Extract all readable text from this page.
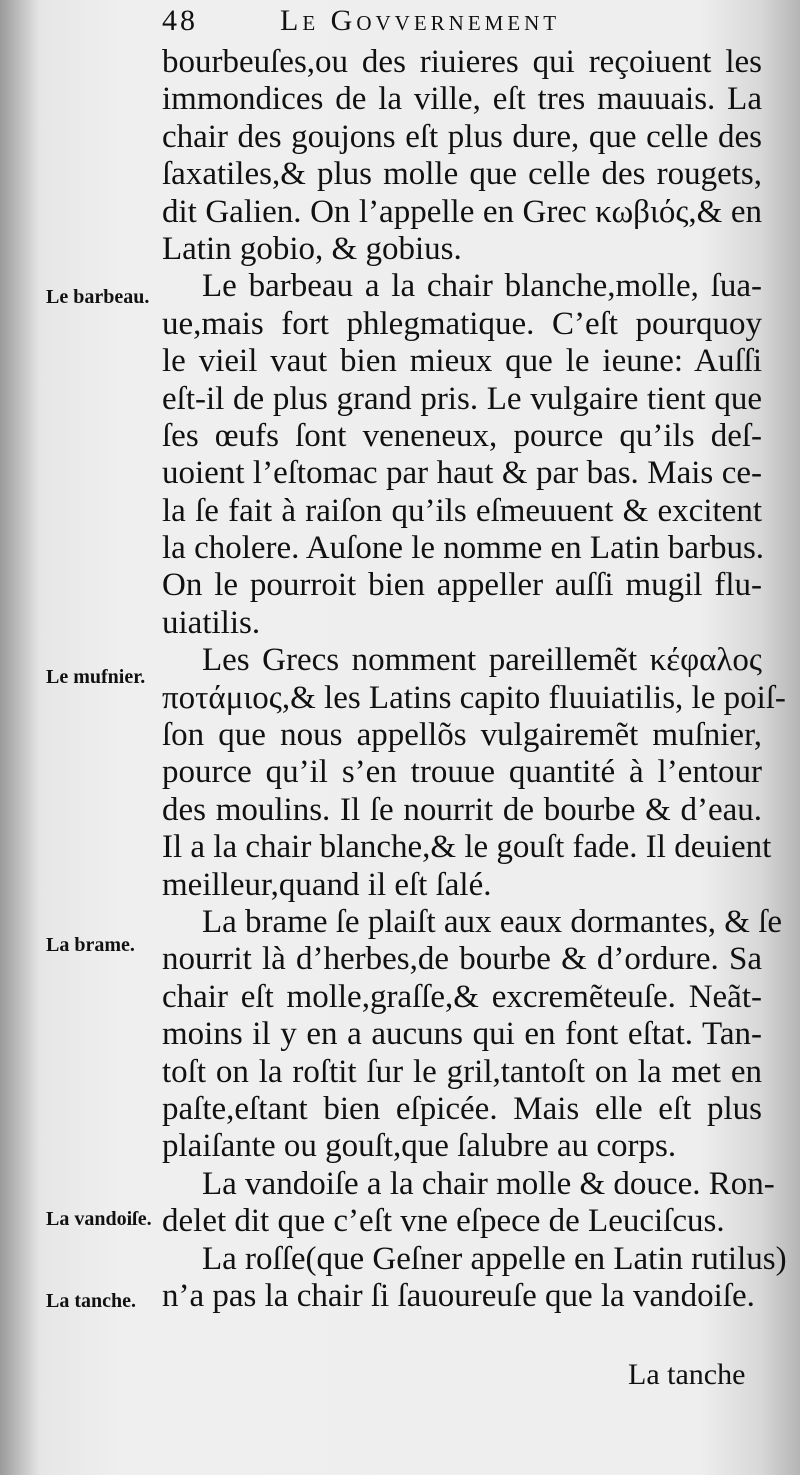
48	Le Govvernement
Le barbeau.
Le mufnier.
La brame.
La vandoiſe.
La tanche.
bourbeuſes,ou des riuieres qui reçoiuent les
immondices de la ville, eſt tres mauuais. La
chair des goujons eſt plus dure, que celle des
ſaxatiles,& plus molle que celle des rougets,
dit Galien. On l’appelle en Grec κωβιός,& en
Latin gobio, & gobius.
Le barbeau a la chair blanche,molle, ſua-
ue,mais fort phlegmatique. C’eſt pourquoy
le vieil vaut bien mieux que le ieune: Auſſi
eſt-il de plus grand pris. Le vulgaire tient que
ſes œufs ſont veneneux, pource qu’ils deſ-
uoient l’eſtomac par haut & par bas. Mais ce-
la ſe fait à raiſon qu’ils eſmeuuent & excitent
la cholere. Auſone le nomme en Latin barbus.
On le pourroit bien appeller auſſi mugil flu-
uiatilis.
Les Grecs nomment pareillemẽt κέφαλος
ποτάμιος,& les Latins capito fluuiatilis, le poiſ-
ſon que nous appellõs vulgairemẽt muſnier,
pource qu’il s’en trouue quantité à l’entour
des moulins. Il ſe nourrit de bourbe & d’eau.
Il a la chair blanche,& le gouſt fade. Il deuient
meilleur,quand il eſt ſalé.
La brame ſe plaiſt aux eaux dormantes, & ſe
nourrit là d’herbes,de bourbe & d’ordure. Sa
chair eſt molle,graſſe,& excremẽteuſe. Neãt-
moins il y en a aucuns qui en font eſtat. Tan-
toſt on la roſtit ſur le gril,tantoſt on la met en
paſte,eſtant bien eſpicée. Mais elle eſt plus
plaiſante ou gouſt,que ſalubre au corps.
La vandoiſe a la chair molle & douce. Ron-
delet dit que c’eſt vne eſpece de Leuciſcus.
La roſſe(que Geſner appelle en Latin rutilus)
n’a pas la chair ſi ſauoureuſe que la vandoiſe.
La tanche
